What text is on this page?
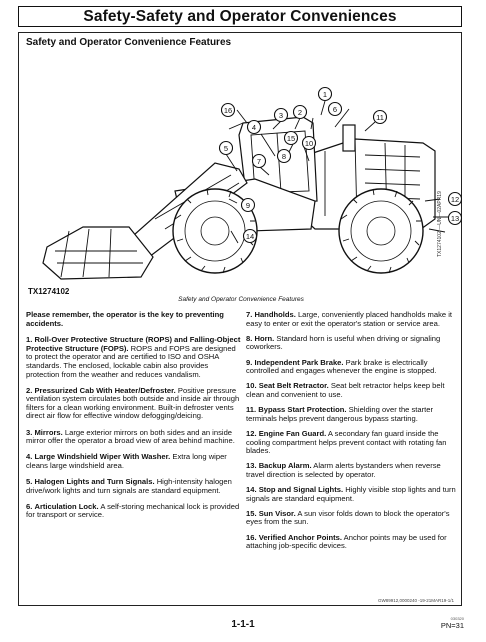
Safety-Safety and Operator Conveniences
Safety and Operator Convenience Features
1
2
3
4
5
6
7
8
9
10
11
12
13
14
15
16
TX1274102 —UN—02APR19
TX1274102
Safety and Operator Convenience Features

Please remember, the operator is the key to preventing accidents.

1. Roll-Over Protective Structure (ROPS) and Falling-Object Protective Structure (FOPS). ROPS and FOPS are designed to protect the operator and are certified to ISO and OSHA standards. The enclosed, lockable cabin also provides protection from the weather and reduces vandalism.

2. Pressurized Cab With Heater/Defroster. Positive pressure ventilation system circulates both outside and inside air through filters for a clean working environment. Built-in defroster vents direct air flow for effective window defogging/deicing.

3. Mirrors. Large exterior mirrors on both sides and an inside mirror offer the operator a broad view of area behind machine.

4. Large Windshield Wiper With Washer. Extra long wiper cleans large windshield area.

5. Halogen Lights and Turn Signals. High-intensity halogen drive/work lights and turn signals are standard equipment.

6. Articulation Lock. A self-storing mechanical lock is provided for transport or service.

7. Handholds. Large, conveniently placed handholds make it easy to enter or exit the operator's station or service area.

8. Horn. Standard horn is useful when driving or signaling coworkers.

9. Independent Park Brake. Park brake is electrically controlled and engages whenever the engine is stopped.

10. Seat Belt Retractor. Seat belt retractor helps keep belt clean and convenient to use.

11. Bypass Start Protection. Shielding over the starter terminals helps prevent dangerous bypass starting.

12. Engine Fan Guard. A secondary fan guard inside the cooling compartment helps prevent contact with rotating fan blades.

13. Backup Alarm. Alarm alerts bystanders when reverse travel direction is selected by operator.

14. Stop and Signal Lights. Highly visible stop lights and turn signals are standard equipment.

15. Sun Visor. A sun visor folds down to block the operator's eyes from the sun.

16. Verified Anchor Points. Anchor points may be used for attaching job-specific devices.

GW89912,0000240 -19-21MAR19-1/1
1-1-1
030320
PN=31
